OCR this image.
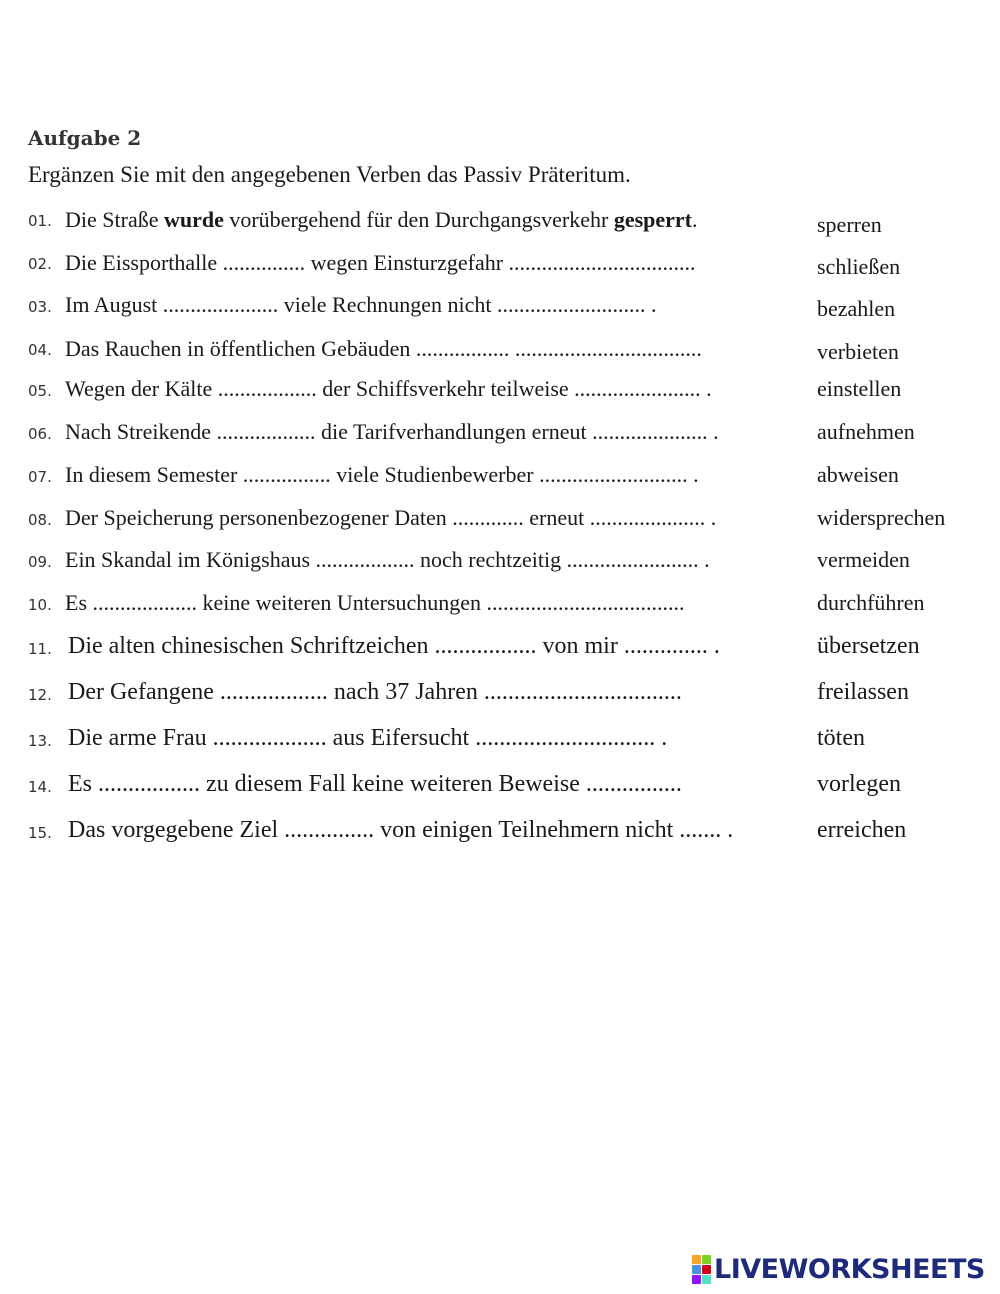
Aufgabe 2
Ergänzen Sie mit den angegebenen Verben das Passiv Präteritum.
01. Die Straße wurde vorübergehend für den Durchgangsverkehr gesperrt.	sperren
02. Die Eissporthalle ............... wegen Einsturzgefahr ..................................	schließen
03. Im August ..................... viele Rechnungen nicht ........................... .	bezahlen
04. Das Rauchen in öffentlichen Gebäuden ................. ..................................	verbieten
05. Wegen der Kälte .................. der Schiffsverkehr teilweise ....................... .	einstellen
06. Nach Streikende .................. die Tarifverhandlungen erneut ..................... .	aufnehmen
07. In diesem Semester ................ viele Studienbewerber ........................... .	abweisen
08. Der Speicherung personenbezogener Daten ............. erneut ..................... .	widersprechen
09. Ein Skandal im Königshaus .................. noch rechtzeitig ........................ .	vermeiden
10. Es ................... keine weiteren Untersuchungen ....................................	durchführen
11. Die alten chinesischen Schriftzeichen ................. von mir .............. .	übersetzen
12. Der Gefangene .................. nach 37 Jahren .................................	freilassen
13. Die arme Frau ................... aus Eifersucht .............................. .	töten
14. Es ................. zu diesem Fall keine weiteren Beweise ................	vorlegen
15. Das vorgegebene Ziel ............... von einigen Teilnehmern nicht ....... .	erreichen
LIVEWORKSHEETS
